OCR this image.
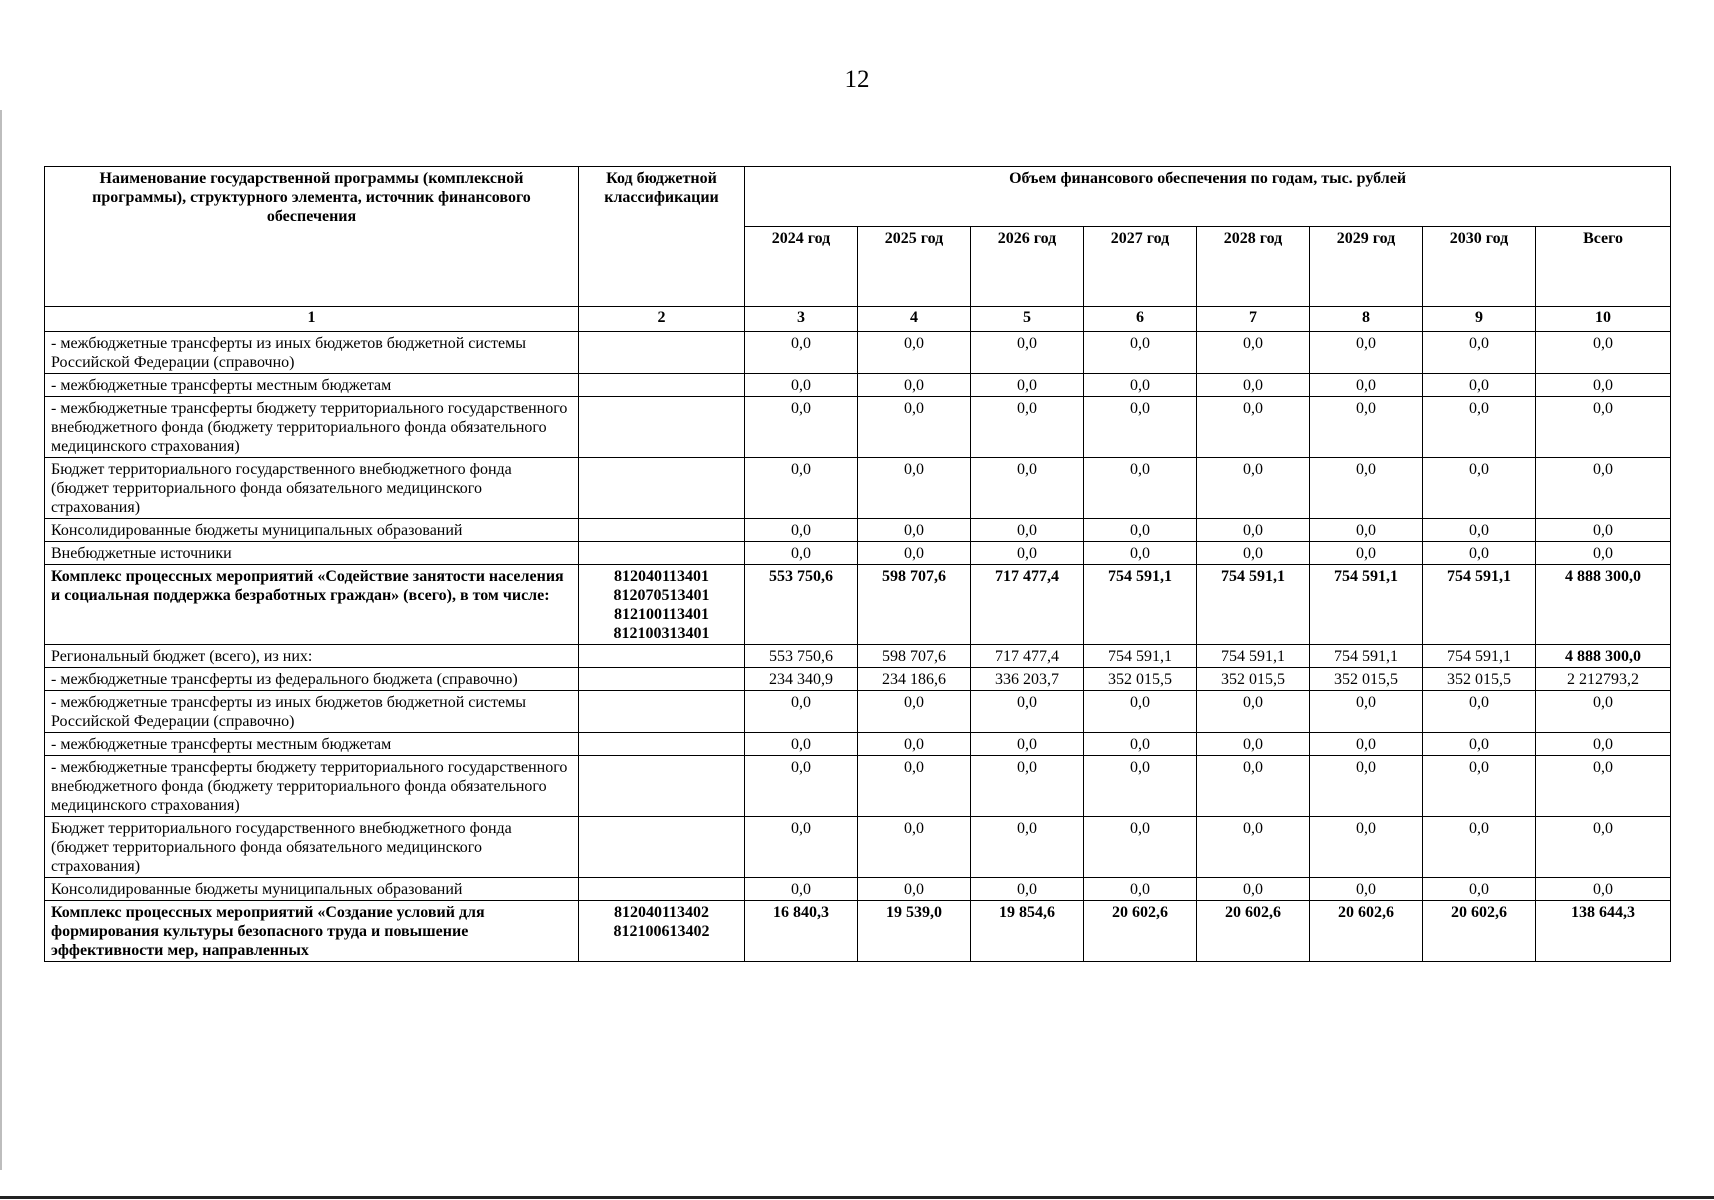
12
Наименование государственной программы (комплексной программы), структурного элемента, источник финансового обеспечения	Код бюджетной классификации	Объем финансового обеспечения по годам, тыс. рублей							
		2024 год	2025 год	2026 год	2027 год	2028 год	2029 год	2030 год	Всего
1	2	3	4	5	6	7	8	9	10
- межбюджетные трансферты из иных бюджетов бюджетной системы Российской Федерации (справочно)		0,0	0,0	0,0	0,0	0,0	0,0	0,0	0,0
- межбюджетные трансферты местным бюджетам		0,0	0,0	0,0	0,0	0,0	0,0	0,0	0,0
- межбюджетные трансферты бюджету территориального государственного внебюджетного фонда (бюджету территориального фонда обязательного медицинского страхования)		0,0	0,0	0,0	0,0	0,0	0,0	0,0	0,0
Бюджет территориального государственного внебюджетного фонда (бюджет территориального фонда обязательного медицинского страхования)		0,0	0,0	0,0	0,0	0,0	0,0	0,0	0,0
Консолидированные бюджеты муниципальных образований		0,0	0,0	0,0	0,0	0,0	0,0	0,0	0,0
Внебюджетные источники		0,0	0,0	0,0	0,0	0,0	0,0	0,0	0,0
Комплекс процессных мероприятий «Содействие занятости населения и социальная поддержка безработных граждан» (всего), в том числе:	812040113401
812070513401
812100113401
812100313401	553 750,6	598 707,6	717 477,4	754 591,1	754 591,1	754 591,1	754 591,1	4 888 300,0
Региональный бюджет (всего), из них:		553 750,6	598 707,6	717 477,4	754 591,1	754 591,1	754 591,1	754 591,1	4 888 300,0
- межбюджетные трансферты из федерального бюджета (справочно)		234 340,9	234 186,6	336 203,7	352 015,5	352 015,5	352 015,5	352 015,5	2 212793,2
- межбюджетные трансферты из иных бюджетов бюджетной системы Российской Федерации (справочно)		0,0	0,0	0,0	0,0	0,0	0,0	0,0	0,0
- межбюджетные трансферты местным бюджетам		0,0	0,0	0,0	0,0	0,0	0,0	0,0	0,0
- межбюджетные трансферты бюджету территориального государственного внебюджетного фонда (бюджету территориального фонда обязательного медицинского страхования)		0,0	0,0	0,0	0,0	0,0	0,0	0,0	0,0
Бюджет территориального государственного внебюджетного фонда (бюджет территориального фонда обязательного медицинского страхования)		0,0	0,0	0,0	0,0	0,0	0,0	0,0	0,0
Консолидированные бюджеты муниципальных образований		0,0	0,0	0,0	0,0	0,0	0,0	0,0	0,0
Комплекс процессных мероприятий «Создание условий для формирования культуры безопасного труда и повышение эффективности мер, направленных	812040113402
812100613402	16 840,3	19 539,0	19 854,6	20 602,6	20 602,6	20 602,6	20 602,6	138 644,3
